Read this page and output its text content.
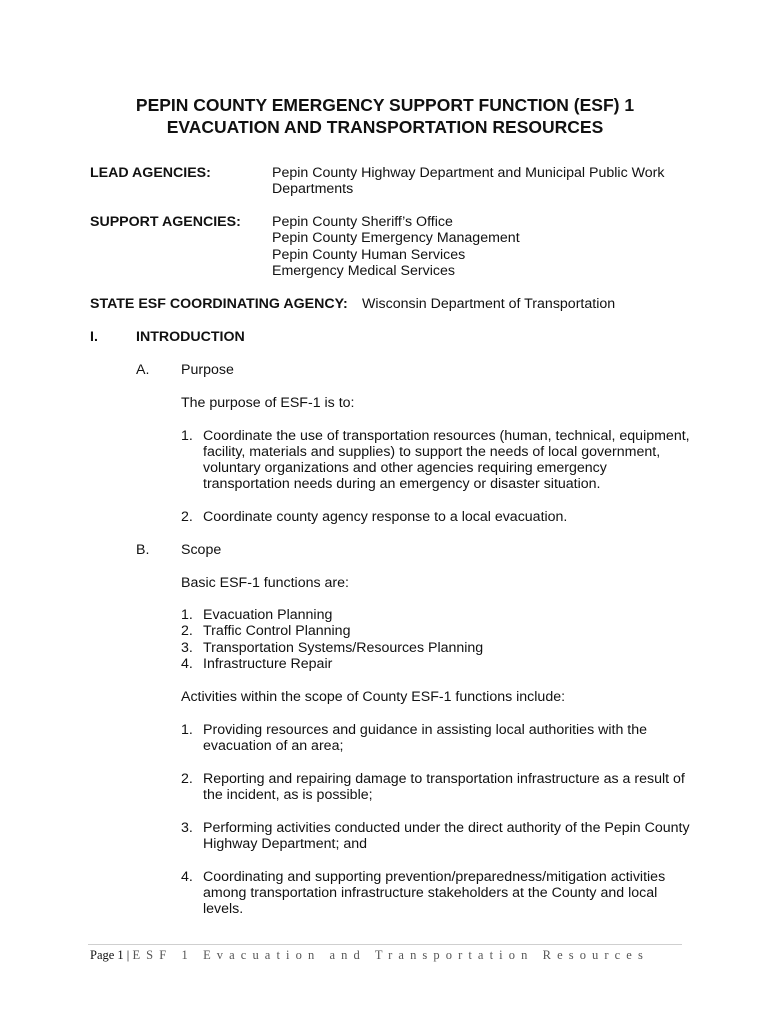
PEPIN COUNTY EMERGENCY SUPPORT FUNCTION (ESF) 1
EVACUATION AND TRANSPORTATION RESOURCES
LEAD AGENCIES:	Pepin County Highway Department and Municipal Public Work
Departments
SUPPORT AGENCIES: Pepin County Sheriff’s Office
Pepin County Emergency Management
Pepin County Human Services
Emergency Medical Services
STATE ESF COORDINATING AGENCY: Wisconsin Department of Transportation
I.	INTRODUCTION
A. Purpose
The purpose of ESF-1 is to:
1. Coordinate the use of transportation resources (human, technical, equipment,
facility, materials and supplies) to support the needs of local government,
voluntary organizations and other agencies requiring emergency
transportation needs during an emergency or disaster situation.
2. Coordinate county agency response to a local evacuation.
B. Scope
Basic ESF-1 functions are:
1. Evacuation Planning
2. Traffic Control Planning
3. Transportation Systems/Resources Planning
4. Infrastructure Repair
Activities within the scope of County ESF-1 functions include:
1. Providing resources and guidance in assisting local authorities with the
evacuation of an area;
2. Reporting and repairing damage to transportation infrastructure as a result of
the incident, as is possible;
3. Performing activities conducted under the direct authority of the Pepin County
Highway Department; and
4. Coordinating and supporting prevention/preparedness/mitigation activities
among transportation infrastructure stakeholders at the County and local
levels.
Page 1 | ESF 1 Evacuation and Transportation Resources
